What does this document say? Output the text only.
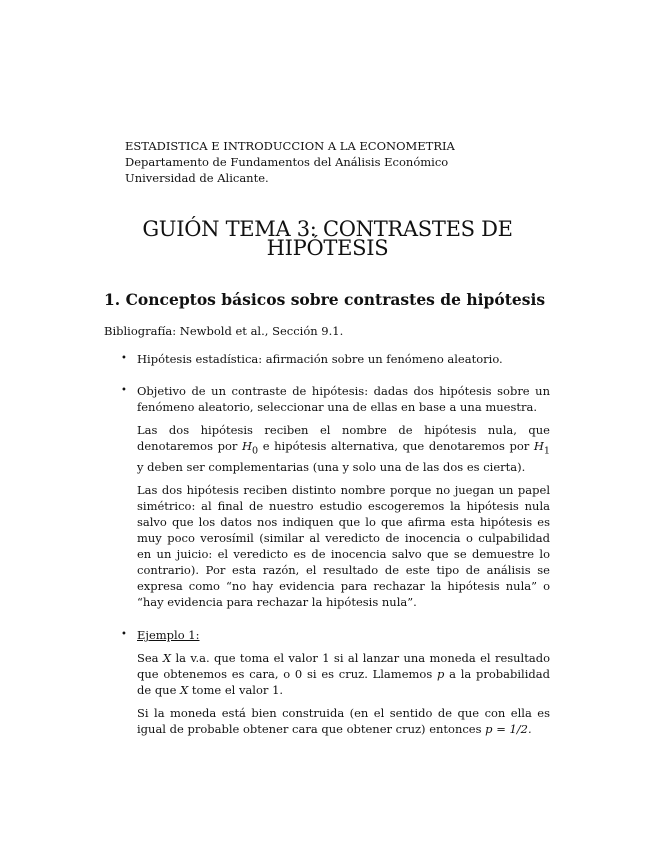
ESTADISTICA E INTRODUCCION A LA ECONOMETRIA
Departamento de Fundamentos del Análisis Económico
Universidad de Alicante.
GUIÓN TEMA 3: CONTRASTES DE HIPÓTESIS
1. Conceptos básicos sobre contrastes de hipótesis
Bibliografía: Newbold et al., Sección 9.1.
• Hipótesis estadística: afirmación sobre un fenómeno aleatorio.

• Objetivo de un contraste de hipótesis: dadas dos hipótesis sobre un fenómeno aleatorio, seleccionar una de ellas en base a una muestra.

Las dos hipótesis reciben el nombre de hipótesis nula, que denotaremos por $H_0$ e hipótesis alternativa, que denotaremos por $H_1$ y deben ser complementarias (una y solo una de las dos es cierta).

Las dos hipótesis reciben distinto nombre porque no juegan un papel simétrico: al final de nuestro estudio escogeremos la hipótesis nula salvo que los datos nos indiquen que lo que afirma esta hipótesis es muy poco verosímil (similar al veredicto de inocencia o culpabilidad en un juicio: el veredicto es de inocencia salvo que se demuestre lo contrario). Por esta razón, el resultado de este tipo de análisis se expresa como “no hay evidencia para rechazar la hipótesis nula” o “hay evidencia para rechazar la hipótesis nula”.

• Ejemplo 1:

Sea X la v.a. que toma el valor 1 si al lanzar una moneda el resultado que obtenemos es cara, o 0 si es cruz. Llamemos p a la probabilidad de que X tome el valor 1.

Si la moneda está bien construida (en el sentido de que con ella es igual de probable obtener cara que obtener cruz) entonces p = 1/2.
